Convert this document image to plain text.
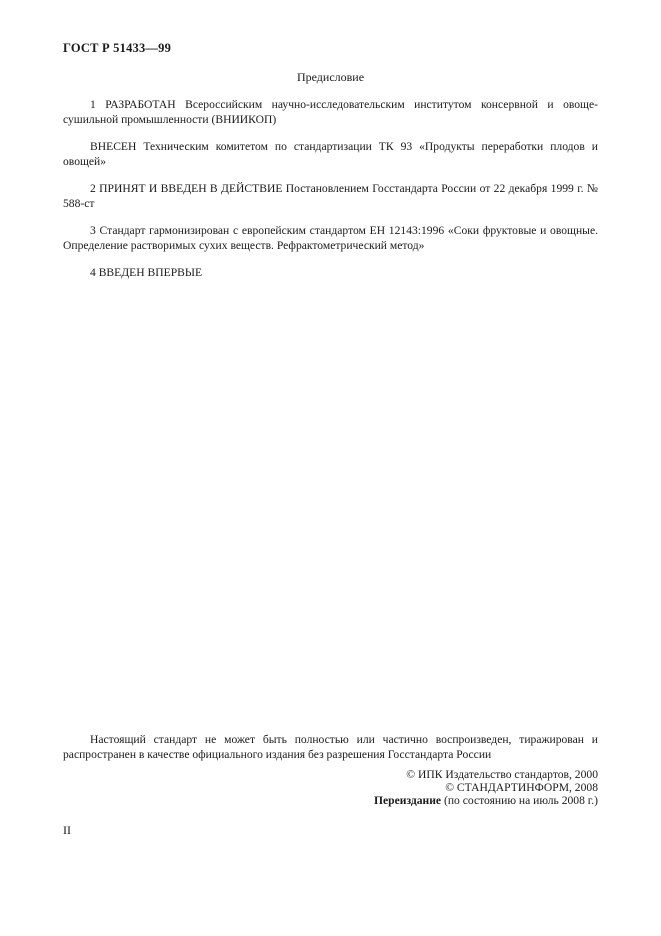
ГОСТ Р 51433—99
Предисловие

1 РАЗРАБОТАН Всероссийским научно-исследовательским институтом консервной и овоще-сушильной промышленности (ВНИИКОП)

ВНЕСЕН Техническим комитетом по стандартизации ТК 93 «Продукты переработки плодов и овощей»

2 ПРИНЯТ И ВВЕДЕН В ДЕЙСТВИЕ Постановлением Госстандарта России от 22 декабря 1999 г. № 588-ст

3 Стандарт гармонизирован с европейским стандартом ЕН 12143:1996 «Соки фруктовые и овощные. Определение растворимых сухих веществ. Рефрактометрический метод»

4 ВВЕДЕН ВПЕРВЫЕ

Настоящий стандарт не может быть полностью или частично воспроизведен, тиражирован и распространен в качестве официального издания без разрешения Госстандарта России
© ИПК Издательство стандартов, 2000
© СТАНДАРТИНФОРМ, 2008
Переиздание (по состоянию на июль 2008 г.)
II
